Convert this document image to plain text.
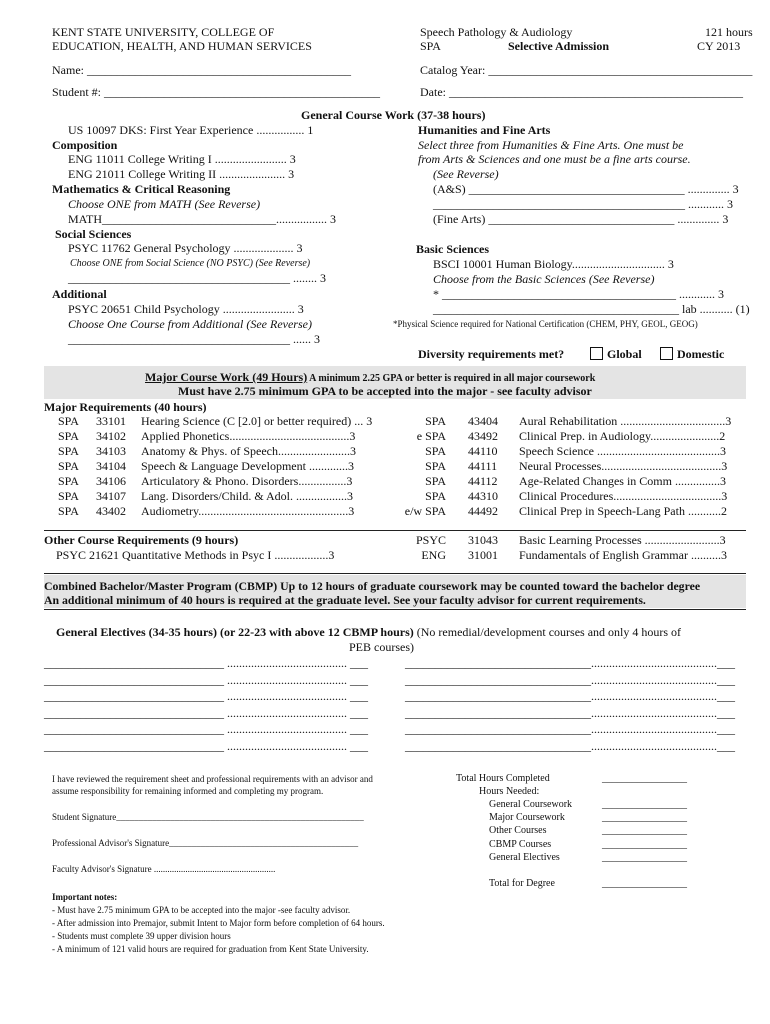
KENT STATE UNIVERSITY, COLLEGE OF
EDUCATION, HEALTH, AND HUMAN SERVICES
Speech Pathology & Audiology
SPA	Selective Admission
121 hours
CY 2013
Name: ____________________________________________
Student #: ______________________________________________
Catalog Year: ____________________________________________
Date: _________________________________________________
General Course Work (37-38 hours)
US 10097 DKS: First Year Experience ................ 1
Composition
ENG 11011 College Writing I ........................ 3
ENG 21011 College Writing II ...................... 3
Mathematics & Critical Reasoning
Choose ONE from MATH (See Reverse)
MATH_____________________________................. 3
Social Sciences
PSYC 11762 General Psychology .................... 3
Choose ONE from Social Science (NO PSYC) (See Reverse)
_____________________________________ ........ 3
Additional
PSYC 20651 Child Psychology ........................ 3
Choose One Course from Additional (See Reverse)
_____________________________________ ...... 3
Humanities and Fine Arts
Select three from Humanities & Fine Arts. One must be
from Arts & Sciences and one must be a fine arts course.
(See Reverse)
(A&S) ____________________________________ .............. 3
__________________________________________ ............ 3
(Fine Arts) _______________________________ .............. 3
Basic Sciences
BSCI 10001 Human Biology............................... 3
Choose from the Basic Sciences (See Reverse)
* _______________________________________ ............ 3
_________________________________________ lab ........... (1)
*Physical Science required for National Certification (CHEM, PHY, GEOL, GEOG)
Diversity requirements met?	Global	Domestic
Major Course Work (49 Hours) A minimum 2.25 GPA or better is required in all major coursework
Must have 2.75 minimum GPA to be accepted into the major - see faculty advisor
Major Requirements (40 hours)
SPA 33101 Hearing Science (C [2.0] or better required) ... 3
SPA 34102 Applied Phonetics........................................3
SPA 34103 Anatomy & Phys. of Speech........................3
SPA 34104 Speech & Language Development .............3
SPA 34106 Articulatory & Phono. Disorders................3
SPA 34107 Lang. Disorders/Child. & Adol. .................3
SPA 43402 Audiometry..................................................3
SPA 43404 Aural Rehabilitation ...................................3
e SPA 43492 Clinical Prep. in Audiology.......................2
SPA 44110 Speech Science .........................................3
SPA 44111 Neural Processes........................................3
SPA 44112 Age-Related Changes in Comm ...............3
SPA 44310 Clinical Procedures....................................3
e/w SPA 44492 Clinical Prep in Speech-Lang Path ...........2
Other Course Requirements (9 hours)
PSYC 21621 Quantitative Methods in Psyc I ..................3
PSYC 31043 Basic Learning Processes .........................3
ENG 31001 Fundamentals of English Grammar ..........3
Combined Bachelor/Master Program (CBMP) Up to 12 hours of graduate coursework may be counted toward the bachelor degree
An additional minimum of 40 hours is required at the graduate level. See your faculty advisor for current requirements.
General Electives (34-35 hours) (or 22-23 with above 12 CBMP hours) (No remedial/development courses and only 4 hours of
PEB courses)
______________________________ ........................................ ___	_______________________________..........................................___
______________________________ ........................................ ___	_______________________________..........................................___
______________________________ ........................................ ___	_______________________________..........................................___
______________________________ ........................................ ___	_______________________________..........................................___
______________________________ ........................................ ___	_______________________________..........................................___
______________________________ ........................................ ___	_______________________________..........................................___
I have reviewed the requirement sheet and professional requirements with an advisor and
assume responsibility for remaining informed and completing my program.
Student Signature_______________________________________________________
Professional Advisor's Signature__________________________________________
Faculty Advisor's Signature ......................................................
Important notes:
- Must have 2.75 minimum GPA to be accepted into the major -see faculty advisor.
- After admission into Premajor, submit Intent to Major form before completion of 64 hours.
- Students must complete 39 upper division hours
- A minimum of 121 valid hours are required for graduation from Kent State University.
Total Hours Completed	_________________
Hours Needed:
General Coursework	_________________
Major Coursework	_________________
Other Courses	_________________
CBMP Courses	_________________
General Electives	_________________
Total for Degree	_________________
